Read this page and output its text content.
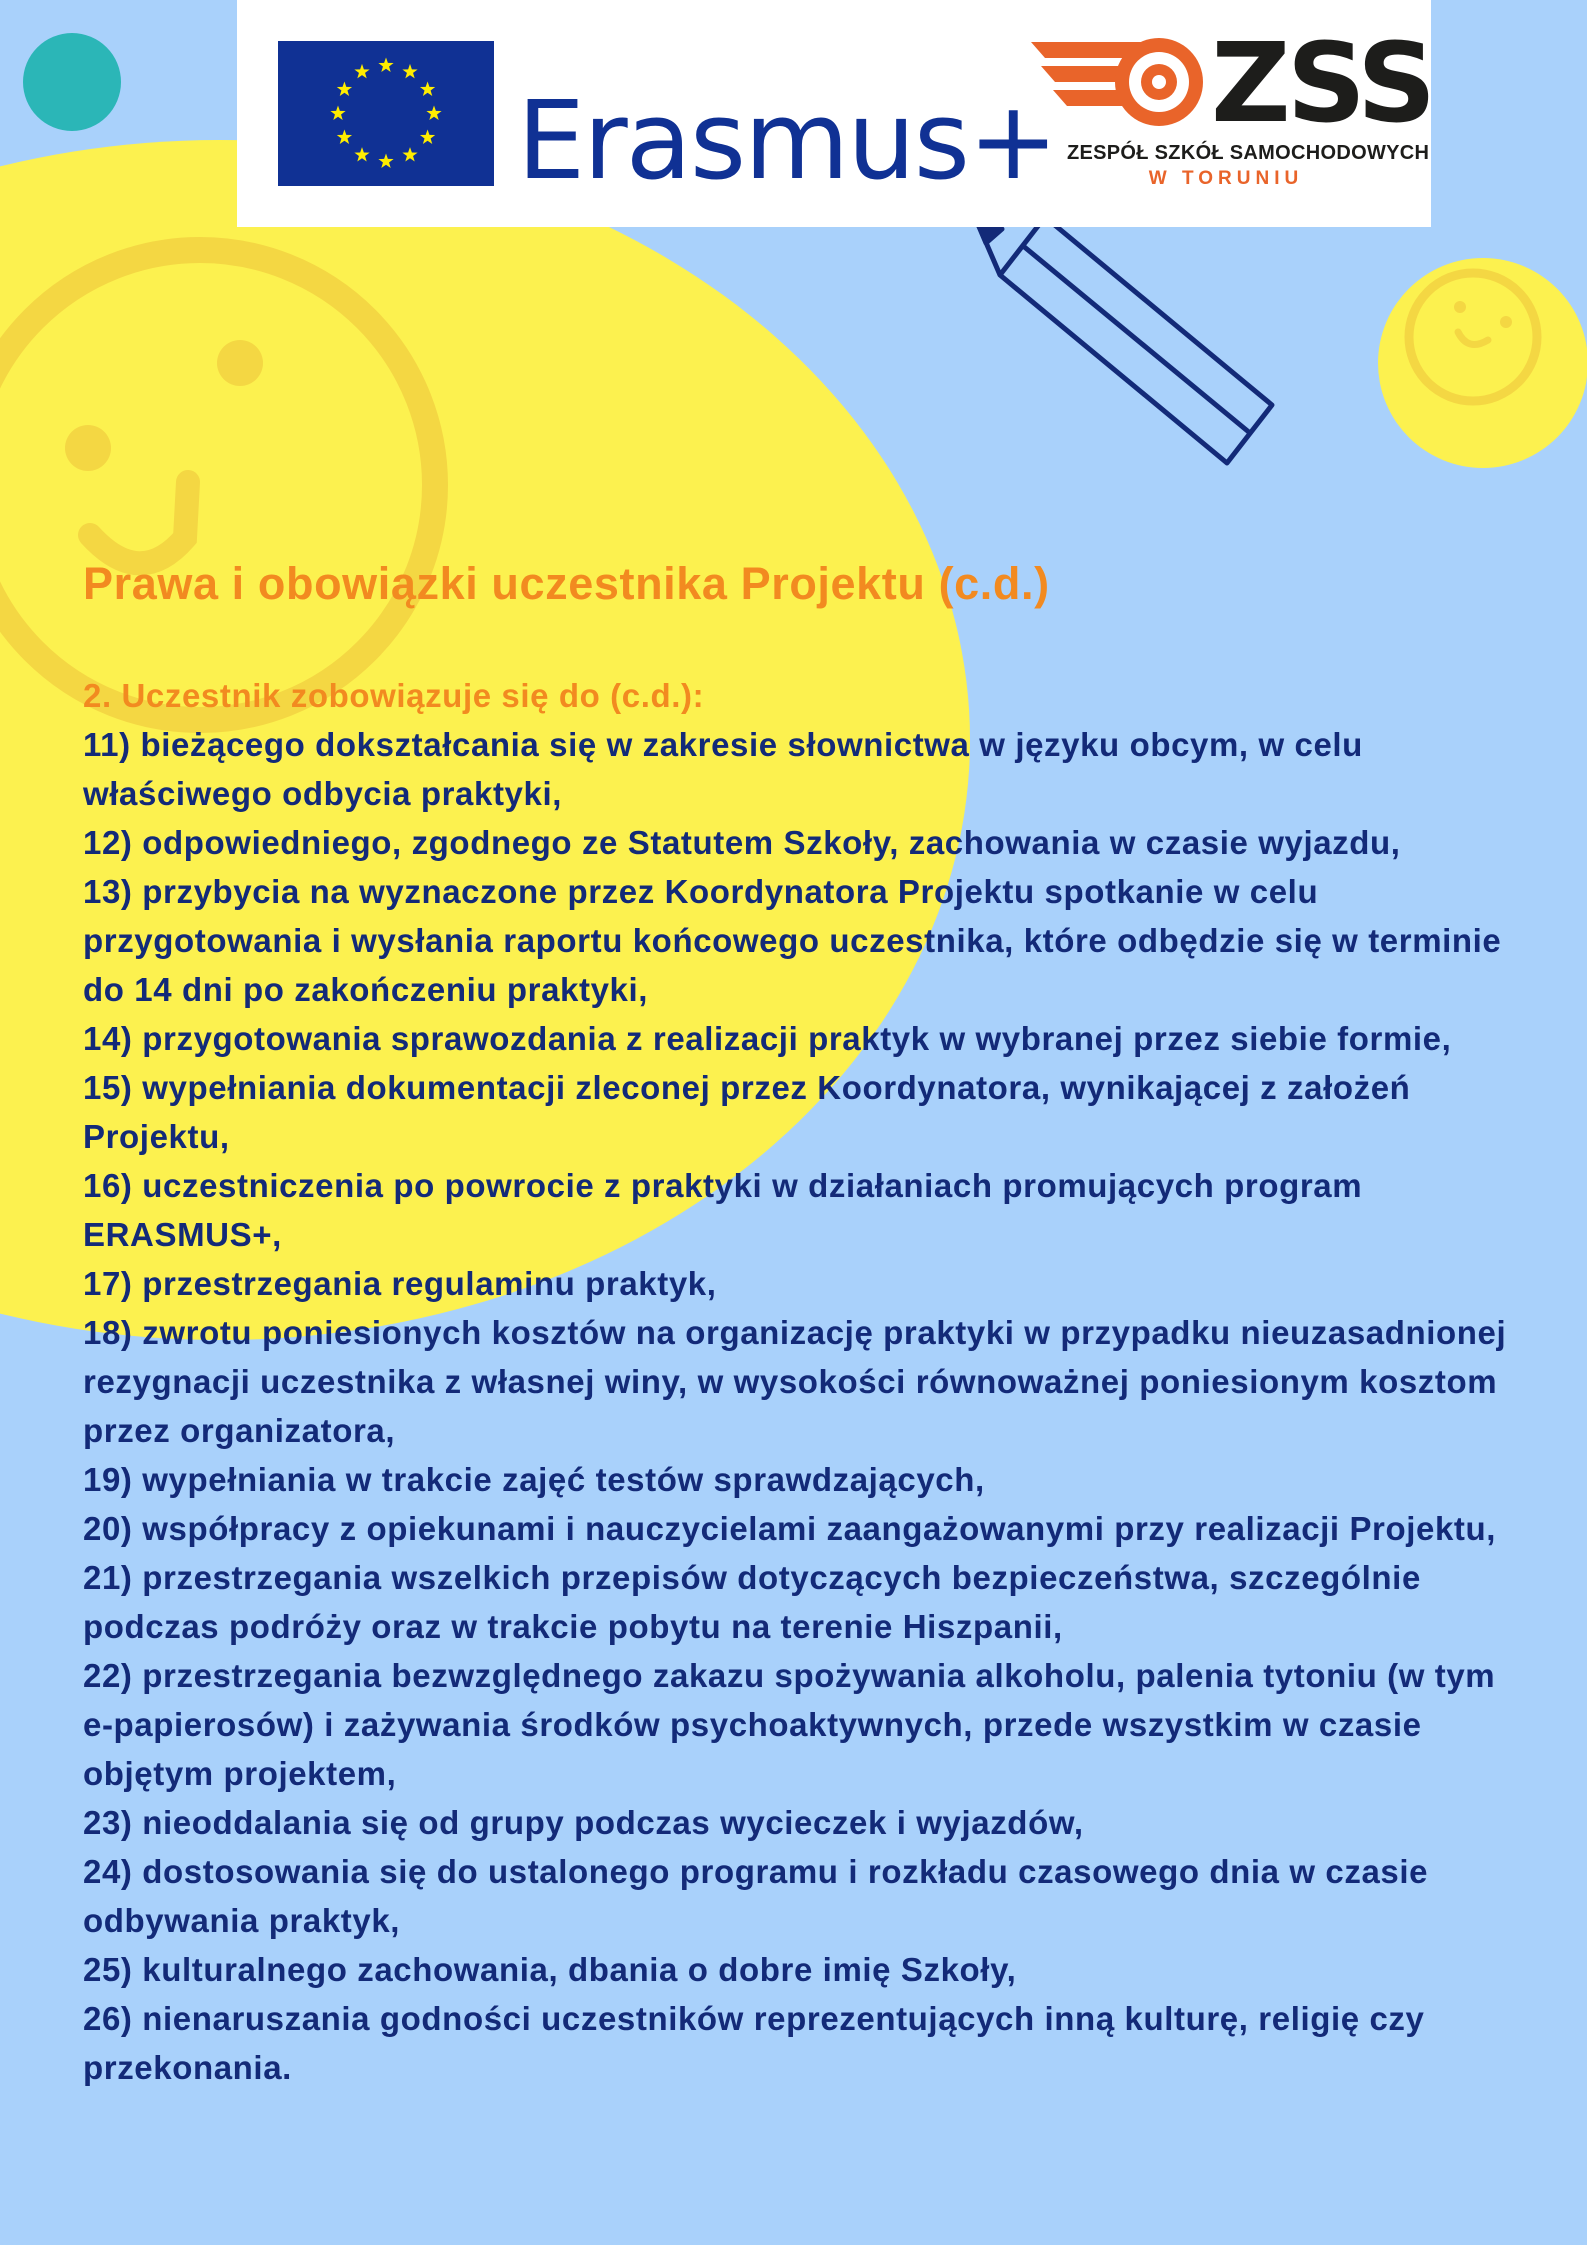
Erasmus+ ZSS
ZESPÓŁ SZKÓŁ SAMOCHODOWYCH
W TORUNIU
Prawa i obowiązki uczestnika Projektu (c.d.)

2. Uczestnik zobowiązuje się do (c.d.):

11) bieżącego dokształcania się w zakresie słownictwa w języku obcym, w celu właściwego odbycia praktyki,
12) odpowiedniego, zgodnego ze Statutem Szkoły, zachowania w czasie wyjazdu,
13) przybycia na wyznaczone przez Koordynatora Projektu spotkanie w celu przygotowania i wysłania raportu końcowego uczestnika, które odbędzie się w terminie do 14 dni po zakończeniu praktyki,
14) przygotowania sprawozdania z realizacji praktyk w wybranej przez siebie formie,
15) wypełniania dokumentacji zleconej przez Koordynatora, wynikającej z założeń Projektu,
16) uczestniczenia po powrocie z praktyki w działaniach promujących program ERASMUS+,
17) przestrzegania regulaminu praktyk,
18) zwrotu poniesionych kosztów na organizację praktyki w przypadku nieuzasadnionej rezygnacji uczestnika z własnej winy, w wysokości równoważnej poniesionym kosztom przez organizatora,
19) wypełniania w trakcie zajęć testów sprawdzających,
20) współpracy z opiekunami i nauczycielami zaangażowanymi przy realizacji Projektu,
21) przestrzegania wszelkich przepisów dotyczących bezpieczeństwa, szczególnie podczas podróży oraz w trakcie pobytu na terenie Hiszpanii,
22) przestrzegania bezwzględnego zakazu spożywania alkoholu, palenia tytoniu (w tym e-papierosów) i zażywania środków psychoaktywnych, przede wszystkim w czasie objętym projektem,
23) nieoddalania się od grupy podczas wycieczek i wyjazdów,
24) dostosowania się do ustalonego programu i rozkładu czasowego dnia w czasie odbywania praktyk,
25) kulturalnego zachowania, dbania o dobre imię Szkoły,
26) nienaruszania godności uczestników reprezentujących inną kulturę, religię czy przekonania.
